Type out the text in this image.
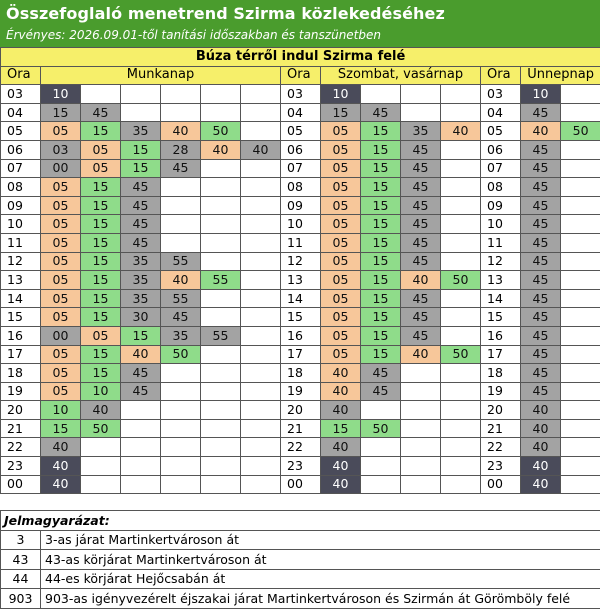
Összefoglaló menetrend Szirma közlekedéséhez
Érvényes: 2026.09.01-től tanítási időszakban és tanszünetben
Búza térről indul Szirma felé														
Óra	Munkanap						Óra	Szombat, vasárnap				Óra	Ünnepnap	
03	10						03	10				03	10	
04	15	45					04	15	45			04	45	
05	05	15	35	40	50		05	05	15	35	40	05	40	50
06	03	05	15	28	40	40	06	05	15	45		06	45	
07	00	05	15	45			07	05	15	45		07	45	
08	05	15	45				08	05	15	45		08	45	
09	05	15	45				09	05	15	45		09	45	
10	05	15	45				10	05	15	45		10	45	
11	05	15	45				11	05	15	45		11	45	
12	05	15	35	55			12	05	15	45		12	45	
13	05	15	35	40	55		13	05	15	40	50	13	45	
14	05	15	35	55			14	05	15	45		14	45	
15	05	15	30	45			15	05	15	45		15	45	
16	00	05	15	35	55		16	05	15	45		16	45	
17	05	15	40	50			17	05	15	40	50	17	45	
18	05	15	45				18	40	45			18	45	
19	05	10	45				19	40	45			19	45	
20	10	40					20	40				20	40	
21	15	50					21	15	50			21	40	
22	40						22	40				22	40	
23	40						23	40				23	40	
00	40						00	40				00	40	
Jelmagyarázat:	
3	3-as járat Martinkertvároson át
43	43-as körjárat Martinkertvároson át
44	44-es körjárat Hejőcsabán át
903	903-as igényvezérelt éjszakai járat Martinkertvároson és Szirmán át Görömböly felé
